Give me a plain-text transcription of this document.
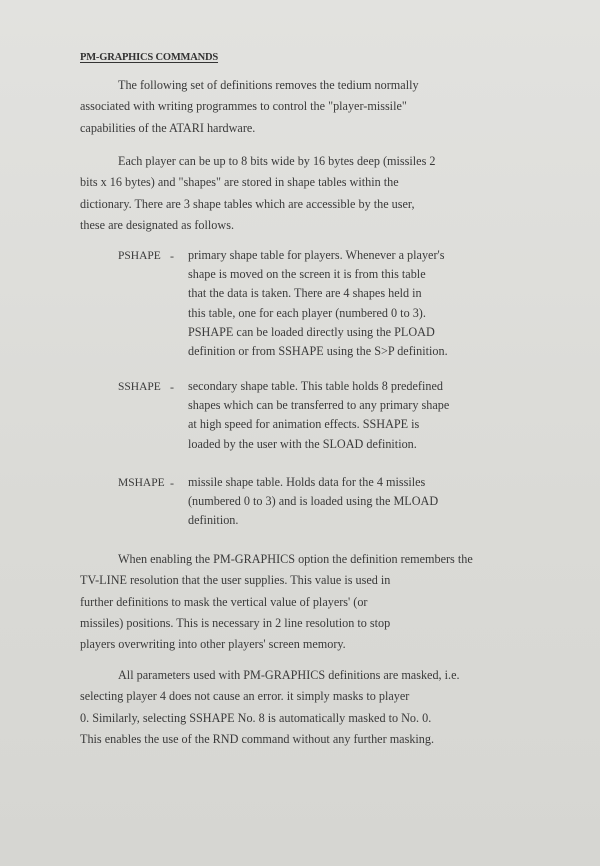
PM-GRAPHICS COMMANDS
The following set of definitions removes the tedium normally
associated with writing programmes to control the "player-missile"
capabilities of the ATARI hardware.
Each player can be up to 8 bits wide by 16 bytes deep (missiles 2
bits x 16 bytes) and "shapes" are stored in shape tables within the
dictionary. There are 3 shape tables which are accessible by the user,
these are designated as follows.
PSHAPE - primary shape table for players. Whenever a player's
shape is moved on the screen it is from this table
that the data is taken. There are 4 shapes held in
this table, one for each player (numbered 0 to 3).
PSHAPE can be loaded directly using the PLOAD
definition or from SSHAPE using the S>P definition.
SSHAPE - secondary shape table. This table holds 8 predefined
shapes which can be transferred to any primary shape
at high speed for animation effects. SSHAPE is
loaded by the user with the SLOAD definition.
MSHAPE - missile shape table. Holds data for the 4 missiles
(numbered 0 to 3) and is loaded using the MLOAD
definition.
When enabling the PM-GRAPHICS option the definition remembers the
TV-LINE resolution that the user supplies. This value is used in
further definitions to mask the vertical value of players' (or
missiles) positions. This is necessary in 2 line resolution to stop
players overwriting into other players' screen memory.
All parameters used with PM-GRAPHICS definitions are masked, i.e.
selecting player 4 does not cause an error. it simply masks to player
0. Similarly, selecting SSHAPE No. 8 is automatically masked to No. 0.
This enables the use of the RND command without any further masking.
